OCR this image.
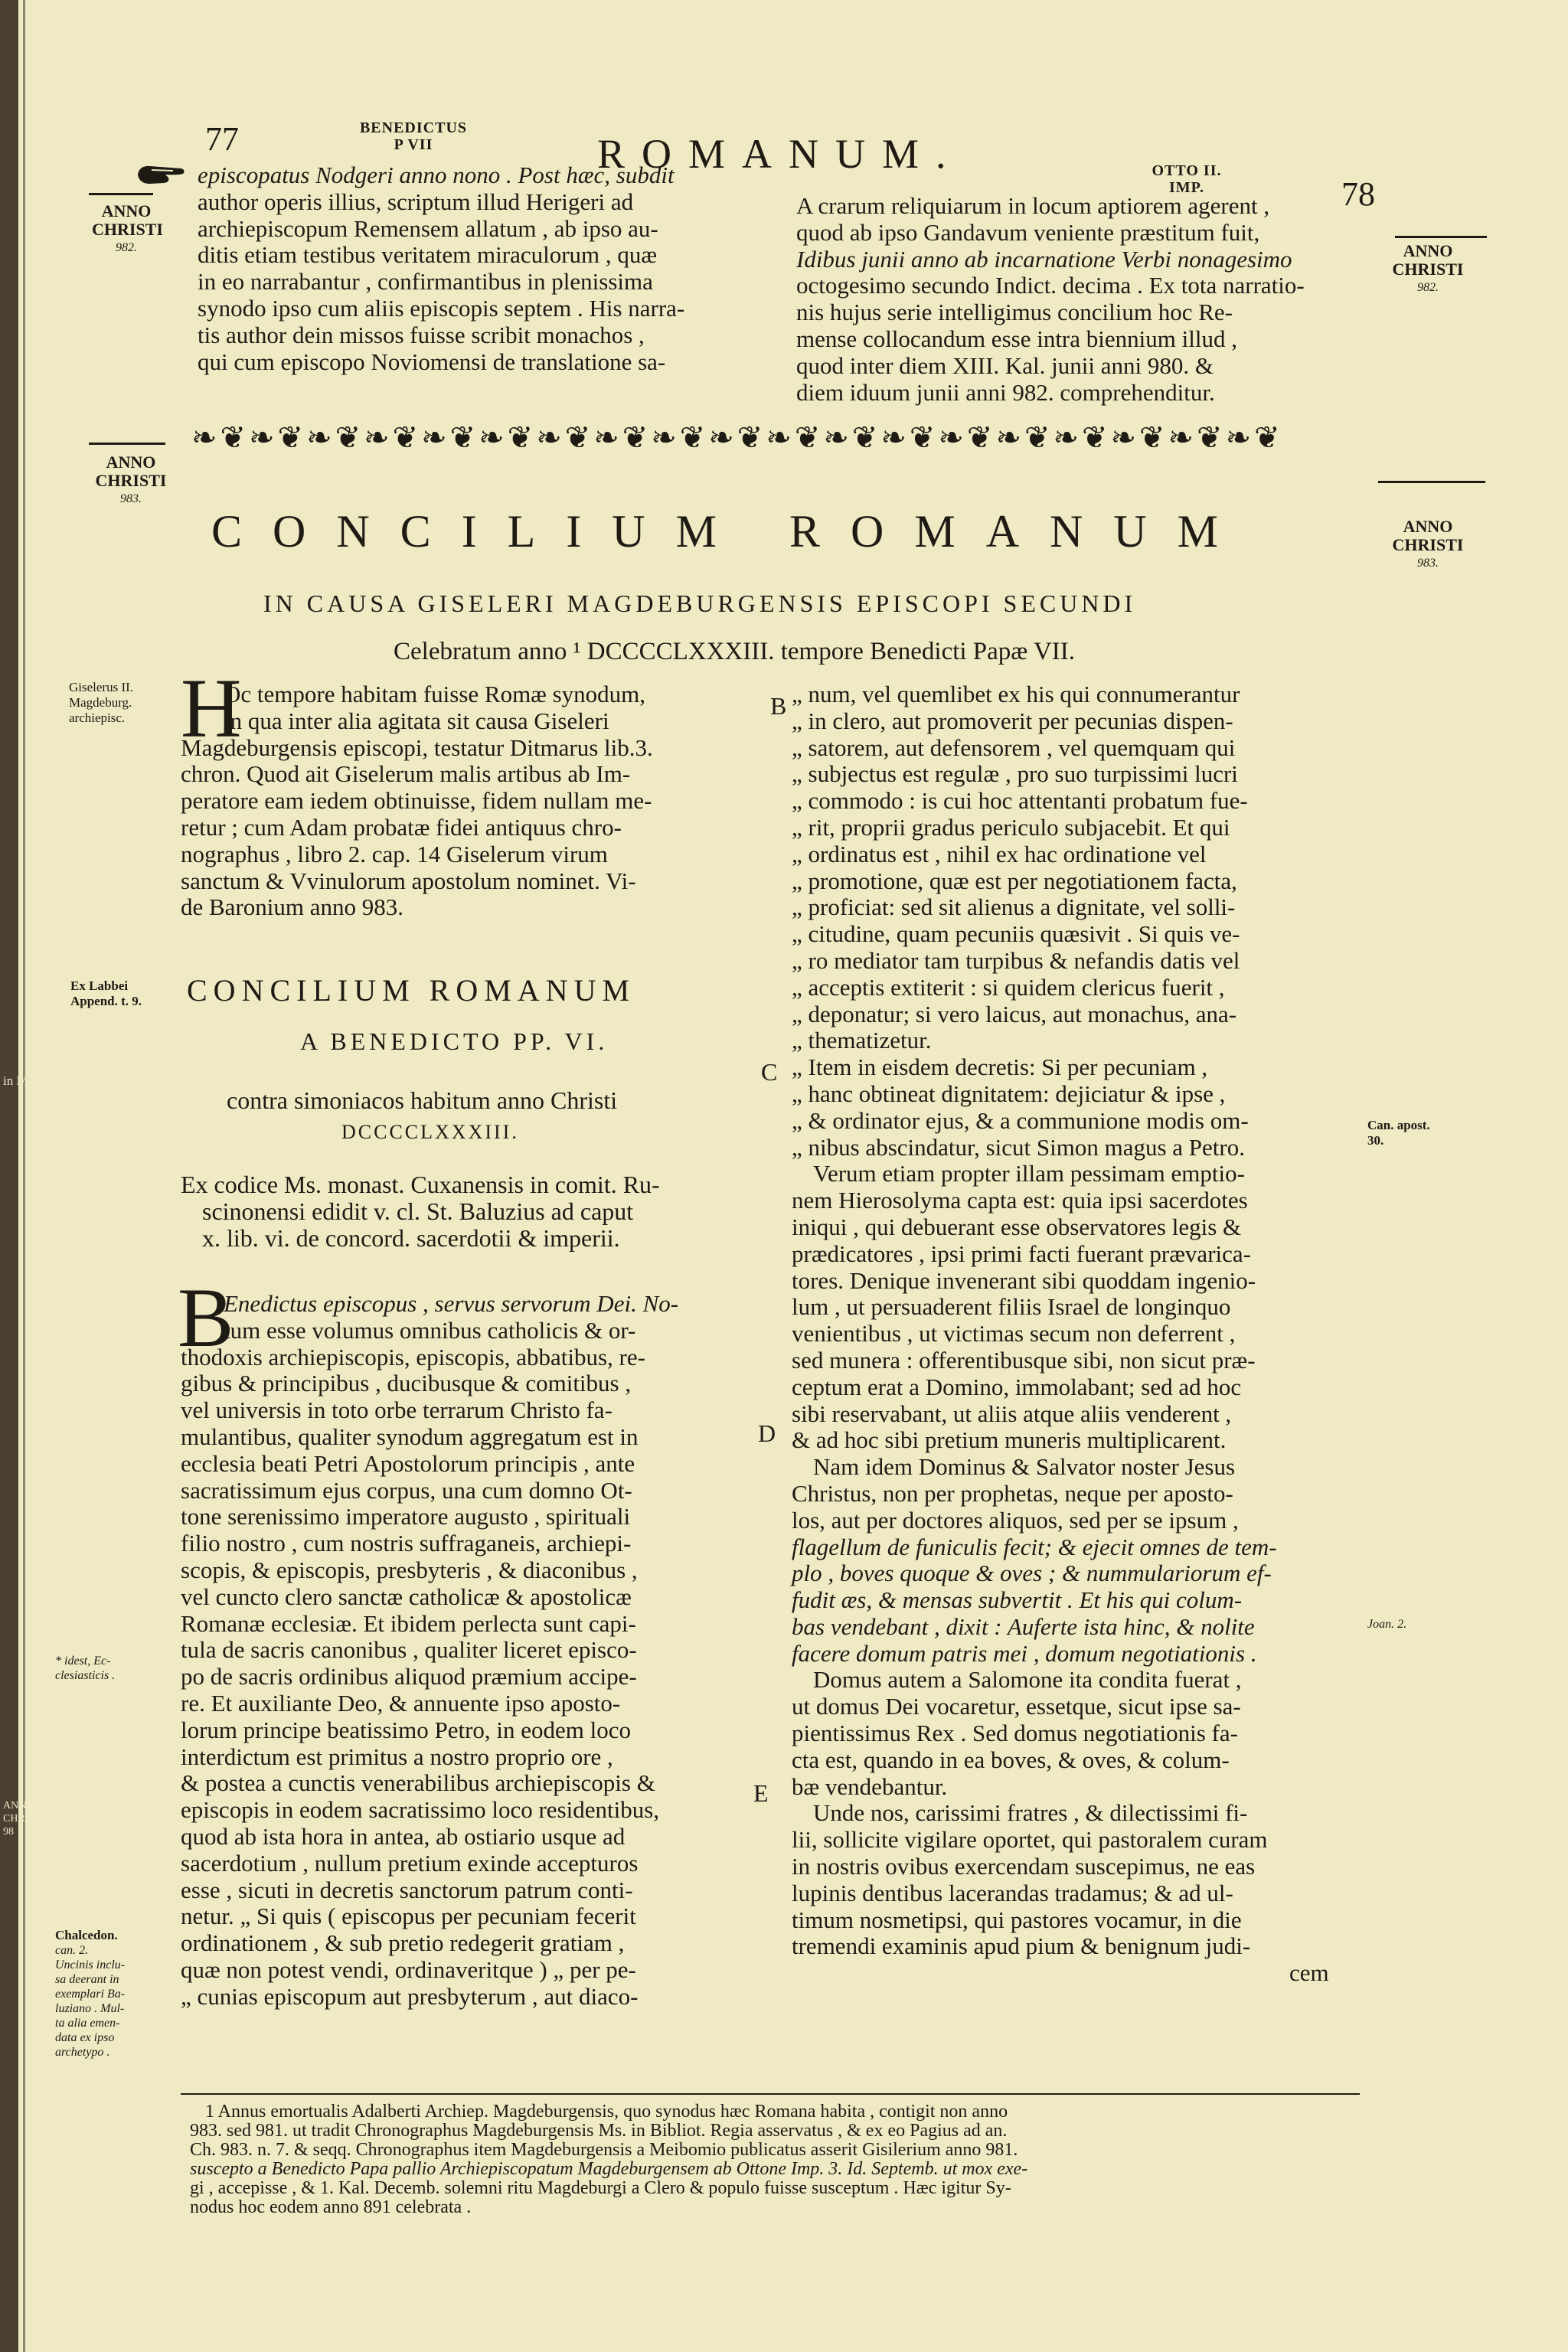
77	BENEDICTUS
P VII	ROMANUM.	OTTO II.
IMP.	78
ANNO
CHRISTI
982.	ANNO
CHRISTI
982.
episcopatus Nodgeri anno nono . Post hæc, subdit
author operis illius, scriptum illud Herigeri ad
archiepiscopum Remensem allatum , ab ipso au-
ditis etiam testibus veritatem miraculorum , quæ
in eo narrabantur , confirmantibus in plenissima
synodo ipso cum aliis episcopis septem . His narra-
tis author dein missos fuisse scribit monachos ,
qui cum episcopo Noviomensi de translatione sa-
A crarum reliquiarum in locum aptiorem agerent ,
quod ab ipso Gandavum veniente præstitum fuit,
Idibus junii anno ab incarnatione Verbi nonagesimo
octogesimo secundo Indict. decima . Ex tota narratio-
nis hujus serie intelligimus concilium hoc Re-
mense collocandum esse intra biennium illud ,
quod inter diem XIII. Kal. junii anni 980. &
diem iduum junii anni 982. comprehenditur.
❧❦❧❦❧❦❧❦❧❦❧❦❧❦❧❦❧❦❧❦❧❦❧❦❧❦❧❦❧❦❧❦❧❦❧❦❧❦
ANNO
CHRISTI
983.
ANNO
CHRISTI
983.
CONCILIUM ROMANUM
IN CAUSA GISELERI MAGDEBURGENSIS EPISCOPI SECUNDI
Celebratum anno ¹ DCCCCLXXXIII. tempore Benedicti Papæ VII.
Giselerus II.
Magdeburg.
archiepisc.
Ex Labbei
Append. t. 9.
in MS
* idest, Ec-
clesiasticis .
ANN
CHRIS
98
Chalcedon.
can. 2.
Uncinis inclu-
sa deerant in
exemplari Ba-
luziano . Mul-
ta alia emen-
data ex ipso
archetypo .
Can. apost.
30.
Joan. 2.
B
C
D
E
H
Oc tempore habitam fuisse Romæ synodum,
in qua inter alia agitata sit causa Giseleri
Magdeburgensis episcopi, testatur Ditmarus lib.3.
chron. Quod ait Giselerum malis artibus ab Im-
peratore eam iedem obtinuisse, fidem nullam me-
retur ; cum Adam probatæ fidei antiquus chro-
nographus , libro 2. cap. 14 Giselerum virum
sanctum & Vvinulorum apostolum nominet. Vi-
de Baronium anno 983.
CONCILIUM ROMANUM
A BENEDICTO PP. VI.
contra simoniacos habitum anno Christi
DCCCCLXXXIII.
Ex codice Ms. monast. Cuxanensis in comit. Ru-
scinonensi edidit v. cl. St. Baluzius ad caput
x. lib. vi. de concord. sacerdotii & imperii.
B
Enedictus episcopus , servus servorum Dei. No-
tum esse volumus omnibus catholicis & or-
thodoxis archiepiscopis, episcopis, abbatibus, re-
gibus & principibus , ducibusque & comitibus ,
vel universis in toto orbe terrarum Christo fa-
mulantibus, qualiter synodum aggregatum est in
ecclesia beati Petri Apostolorum principis , ante
sacratissimum ejus corpus, una cum domno Ot-
tone serenissimo imperatore augusto , spirituali
filio nostro , cum nostris suffraganeis, archiepi-
scopis, & episcopis, presbyteris , & diaconibus ,
vel cuncto clero sanctæ catholicæ & apostolicæ
Romanæ ecclesiæ. Et ibidem perlecta sunt capi-
tula de sacris canonibus , qualiter liceret episco-
po de sacris ordinibus aliquod præmium accipe-
re. Et auxiliante Deo, & annuente ipso aposto-
lorum principe beatissimo Petro, in eodem loco
interdictum est primitus a nostro proprio ore ,
& postea a cunctis venerabilibus archiepiscopis &
episcopis in eodem sacratissimo loco residentibus,
quod ab ista hora in antea, ab ostiario usque ad
sacerdotium , nullum pretium exinde accepturos
esse , sicuti in decretis sanctorum patrum conti-
netur. „ Si quis ( episcopus per pecuniam fecerit
ordinationem , & sub pretio redegerit gratiam ,
quæ non potest vendi, ordinaveritque ) „ per pe-
„ cunias episcopum aut presbyterum , aut diaco-
„ num, vel quemlibet ex his qui connumerantur
„ in clero, aut promoverit per pecunias dispen-
„ satorem, aut defensorem , vel quemquam qui
„ subjectus est regulæ , pro suo turpissimi lucri
„ commodo : is cui hoc attentanti probatum fue-
„ rit, proprii gradus periculo subjacebit. Et qui
„ ordinatus est , nihil ex hac ordinatione vel
„ promotione, quæ est per negotiationem facta,
„ proficiat: sed sit alienus a dignitate, vel solli-
„ citudine, quam pecuniis quæsivit . Si quis ve-
„ ro mediator tam turpibus & nefandis datis vel
„ acceptis extiterit : si quidem clericus fuerit ,
„ deponatur; si vero laicus, aut monachus, ana-
„ thematizetur.
„ Item in eisdem decretis: Si per pecuniam ,
„ hanc obtineat dignitatem: dejiciatur & ipse ,
„ & ordinator ejus, & a communione modis om-
„ nibus abscindatur, sicut Simon magus a Petro.
Verum etiam propter illam pessimam emptio-
nem Hierosolyma capta est: quia ipsi sacerdotes
iniqui , qui debuerant esse observatores legis &
prædicatores , ipsi primi facti fuerant prævarica-
tores. Denique invenerant sibi quoddam ingenio-
lum , ut persuaderent filiis Israel de longinquo
venientibus , ut victimas secum non deferrent ,
sed munera : offerentibusque sibi, non sicut præ-
ceptum erat a Domino, immolabant; sed ad hoc
sibi reservabant, ut aliis atque aliis venderent ,
& ad hoc sibi pretium muneris multiplicarent.
Nam idem Dominus & Salvator noster Jesus
Christus, non per prophetas, neque per aposto-
los, aut per doctores aliquos, sed per se ipsum ,
flagellum de funiculis fecit; & ejecit omnes de tem-
plo , boves quoque & oves ; & nummulariorum ef-
fudit æs, & mensas subvertit . Et his qui colum-
bas vendebant , dixit : Auferte ista hinc, & nolite
facere domum patris mei , domum negotiationis .
Domus autem a Salomone ita condita fuerat ,
ut domus Dei vocaretur, essetque, sicut ipse sa-
pientissimus Rex . Sed domus negotiationis fa-
cta est, quando in ea boves, & oves, & colum-
bæ vendebantur.
Unde nos, carissimi fratres , & dilectissimi fi-
lii, sollicite vigilare oportet, qui pastoralem curam
in nostris ovibus exercendam suscepimus, ne eas
lupinis dentibus lacerandas tradamus; & ad ul-
timum nosmetipsi, qui pastores vocamur, in die
tremendi examinis apud pium & benignum judi-
cem
1 Annus emortualis Adalberti Archiep. Magdeburgensis, quo synodus hæc Romana habita , contigit non anno
983. sed 981. ut tradit Chronographus Magdeburgensis Ms. in Bibliot. Regia asservatus , & ex eo Pagius ad an.
Ch. 983. n. 7. & seqq. Chronographus item Magdeburgensis a Meibomio publicatus asserit Gisilerium anno 981.
suscepto a Benedicto Papa pallio Archiepiscopatum Magdeburgensem ab Ottone Imp. 3. Id. Septemb. ut mox exe-
gi , accepisse , & 1. Kal. Decemb. solemni ritu Magdeburgi a Clero & populo fuisse susceptum . Hæc igitur Sy-
nodus hoc eodem anno 891 celebrata .
